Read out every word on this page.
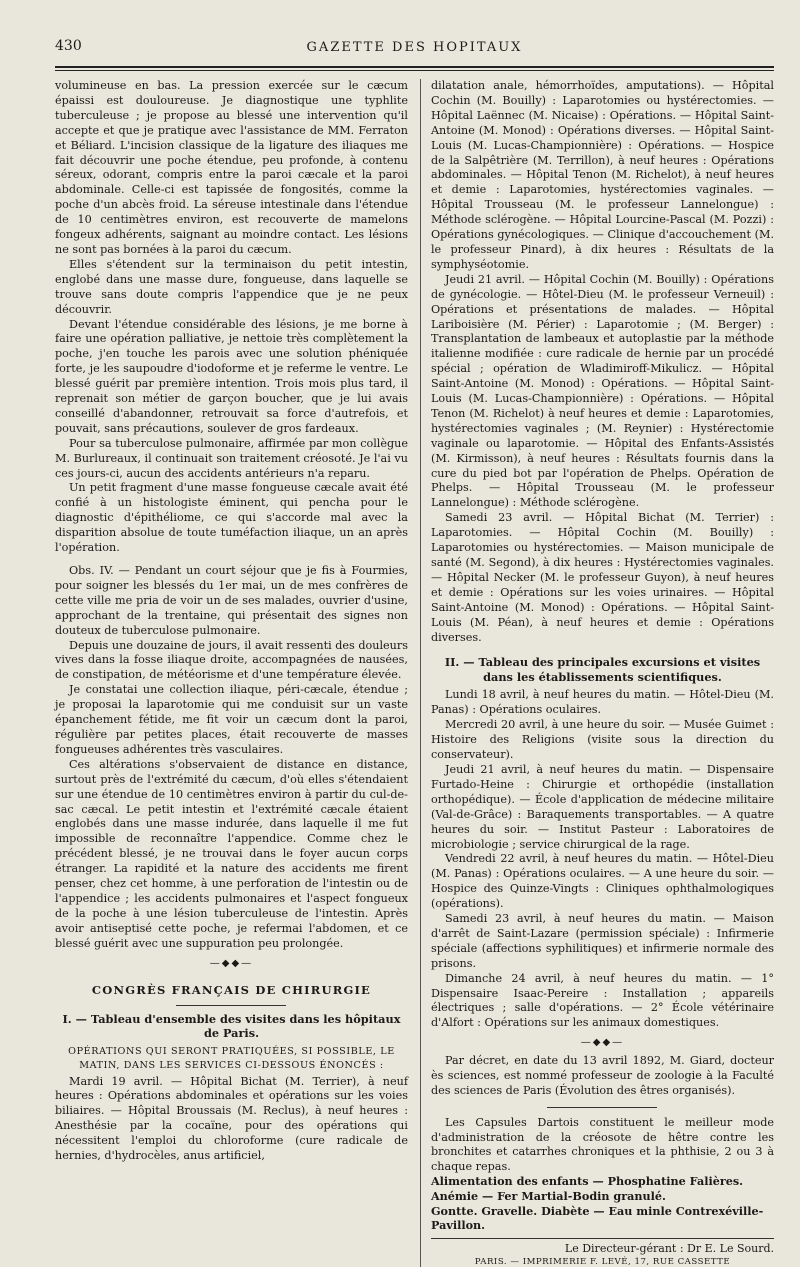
430	GAZETTE DES HOPITAUX

volumineuse en bas. La pression exercée sur le cæcum épaissi est douloureuse. Je diagnostique une typhlite tuberculeuse ; je propose au blessé une intervention qu'il accepte et que je pratique avec l'assistance de MM. Ferraton et Béliard. L'incision classique de la ligature des iliaques me fait découvrir une poche étendue, peu profonde, à contenu séreux, odorant, compris entre la paroi cæcale et la paroi abdominale. Celle-ci est tapissée de fongosités, comme la poche d'un abcès froid. La séreuse intestinale dans l'étendue de 10 centimètres environ, est recouverte de mamelons fongeux adhérents, saignant au moindre contact. Les lésions ne sont pas bornées à la paroi du cæcum.

Elles s'étendent sur la terminaison du petit intestin, englobé dans une masse dure, fongueuse, dans laquelle se trouve sans doute compris l'appendice que je ne peux découvrir.

Devant l'étendue considérable des lésions, je me borne à faire une opération palliative, je nettoie très complètement la poche, j'en touche les parois avec une solution phéniquée forte, je les saupoudre d'iodoforme et je referme le ventre. Le blessé guérit par première intention. Trois mois plus tard, il reprenait son métier de garçon boucher, que je lui avais conseillé d'abandonner, retrouvait sa force d'autrefois, et pouvait, sans précautions, soulever de gros fardeaux.

Pour sa tuberculose pulmonaire, affirmée par mon collègue M. Burlureaux, il continuait son traitement créosoté. Je l'ai vu ces jours-ci, aucun des accidents antérieurs n'a reparu.

Un petit fragment d'une masse fongueuse cæcale avait été confié à un histologiste éminent, qui pencha pour le diagnostic d'épithéliome, ce qui s'accorde mal avec la disparition absolue de toute tuméfaction iliaque, un an après l'opération.

Obs. IV. — Pendant un court séjour que je fis à Fourmies, pour soigner les blessés du 1er mai, un de mes confrères de cette ville me pria de voir un de ses malades, ouvrier d'usine, approchant de la trentaine, qui présentait des signes non douteux de tuberculose pulmonaire.

Depuis une douzaine de jours, il avait ressenti des douleurs vives dans la fosse iliaque droite, accompagnées de nausées, de constipation, de météorisme et d'une température élevée.

Je constatai une collection iliaque, péri-cæcale, étendue ; je proposai la laparotomie qui me conduisit sur un vaste épanchement fétide, me fit voir un cæcum dont la paroi, régulière par petites places, était recouverte de masses fongueuses adhérentes très vasculaires.

Ces altérations s'observaient de distance en distance, surtout près de l'extrémité du cæcum, d'où elles s'étendaient sur une étendue de 10 centimètres environ à partir du cul-de-sac cæcal. Le petit intestin et l'extrémité cæcale étaient englobés dans une masse indurée, dans laquelle il me fut impossible de reconnaître l'appendice. Comme chez le précédent blessé, je ne trouvai dans le foyer aucun corps étranger. La rapidité et la nature des accidents me firent penser, chez cet homme, à une perforation de l'intestin ou de l'appendice ; les accidents pulmonaires et l'aspect fongueux de la poche à une lésion tuberculeuse de l'intestin. Après avoir antiseptisé cette poche, je refermai l'abdomen, et ce blessé guérit avec une suppuration peu prolongée.

—◆◆—
CONGRÈS FRANÇAIS DE CHIRURGIE
I. — Tableau d'ensemble des visites dans les hôpitaux de Paris.
OPÉRATIONS QUI SERONT PRATIQUÉES, SI POSSIBLE, LE MATIN, DANS LES SERVICES CI-DESSOUS ÉNONCÉS :

Mardi 19 avril. — Hôpital Bichat (M. Terrier), à neuf heures : Opérations abdominales et opérations sur les voies biliaires. — Hôpital Broussais (M. Reclus), à neuf heures : Anesthésie par la cocaïne, pour des opérations qui nécessitent l'emploi du chloroforme (cure radicale de hernies, d'hydrocèles, anus artificiel,

dilatation anale, hémorrhoïdes, amputations). — Hôpital Cochin (M. Bouilly) : Laparotomies ou hystérectomies. — Hôpital Laënnec (M. Nicaise) : Opérations. — Hôpital Saint-Antoine (M. Monod) : Opérations diverses. — Hôpital Saint-Louis (M. Lucas-Championnière) : Opérations. — Hospice de la Salpêtrière (M. Terrillon), à neuf heures : Opérations abdominales. — Hôpital Tenon (M. Richelot), à neuf heures et demie : Laparotomies, hystérectomies vaginales. — Hôpital Trousseau (M. le professeur Lannelongue) : Méthode sclérogène. — Hôpital Lourcine-Pascal (M. Pozzi) : Opérations gynécologiques. — Clinique d'accouchement (M. le professeur Pinard), à dix heures : Résultats de la symphyséotomie.

Jeudi 21 avril. — Hôpital Cochin (M. Bouilly) : Opérations de gynécologie. — Hôtel-Dieu (M. le professeur Verneuil) : Opérations et présentations de malades. — Hôpital Lariboisière (M. Périer) : Laparotomie ; (M. Berger) : Transplantation de lambeaux et autoplastie par la méthode italienne modifiée : cure radicale de hernie par un procédé spécial ; opération de Wladimiroff-Mikulicz. — Hôpital Saint-Antoine (M. Monod) : Opérations. — Hôpital Saint-Louis (M. Lucas-Championnière) : Opérations. — Hôpital Tenon (M. Richelot) à neuf heures et demie : Laparotomies, hystérectomies vaginales ; (M. Reynier) : Hystérectomie vaginale ou laparotomie. — Hôpital des Enfants-Assistés (M. Kirmisson), à neuf heures : Résultats fournis dans la cure du pied bot par l'opération de Phelps. Opération de Phelps. — Hôpital Trousseau (M. le professeur Lannelongue) : Méthode sclérogène.

Samedi 23 avril. — Hôpital Bichat (M. Terrier) : Laparotomies. — Hôpital Cochin (M. Bouilly) : Laparotomies ou hystérectomies. — Maison municipale de santé (M. Segond), à dix heures : Hystérectomies vaginales. — Hôpital Necker (M. le professeur Guyon), à neuf heures et demie : Opérations sur les voies urinaires. — Hôpital Saint-Antoine (M. Monod) : Opérations. — Hôpital Saint-Louis (M. Péan), à neuf heures et demie : Opérations diverses.

II. — Tableau des principales excursions et visites dans les établissements scientifiques.

Lundi 18 avril, à neuf heures du matin. — Hôtel-Dieu (M. Panas) : Opérations oculaires.

Mercredi 20 avril, à une heure du soir. — Musée Guimet : Histoire des Religions (visite sous la direction du conservateur).

Jeudi 21 avril, à neuf heures du matin. — Dispensaire Furtado-Heine : Chirurgie et orthopédie (installation orthopédique). — École d'application de médecine militaire (Val-de-Grâce) : Baraquements transportables. — A quatre heures du soir. — Institut Pasteur : Laboratoires de microbiologie ; service chirurgical de la rage.

Vendredi 22 avril, à neuf heures du matin. — Hôtel-Dieu (M. Panas) : Opérations oculaires. — A une heure du soir. — Hospice des Quinze-Vingts : Cliniques ophthalmologiques (opérations).

Samedi 23 avril, à neuf heures du matin. — Maison d'arrêt de Saint-Lazare (permission spéciale) : Infirmerie spéciale (affections syphilitiques) et infirmerie normale des prisons.

Dimanche 24 avril, à neuf heures du matin. — 1° Dispensaire Isaac-Pereire : Installation ; appareils électriques ; salle d'opérations. — 2° École vétérinaire d'Alfort : Opérations sur les animaux domestiques.

—◆◆—

Par décret, en date du 13 avril 1892, M. Giard, docteur ès sciences, est nommé professeur de zoologie à la Faculté des sciences de Paris (Évolution des êtres organisés).

Les Capsules Dartois constituent le meilleur mode d'administration de la créosote de hêtre contre les bronchites et catarrhes chroniques et la phthisie, 2 ou 3 à chaque repas.

Alimentation des enfants — Phosphatine Falières.
Anémie — Fer Martial-Bodin granulé.
Gontte. Gravelle. Diabète — Eau minle Contrexéville-Pavillon.
Le Directeur-gérant : Dr E. Le Sourd.
PARIS. — IMPRIMERIE F. LEVÉ, 17, RUE CASSETTE
